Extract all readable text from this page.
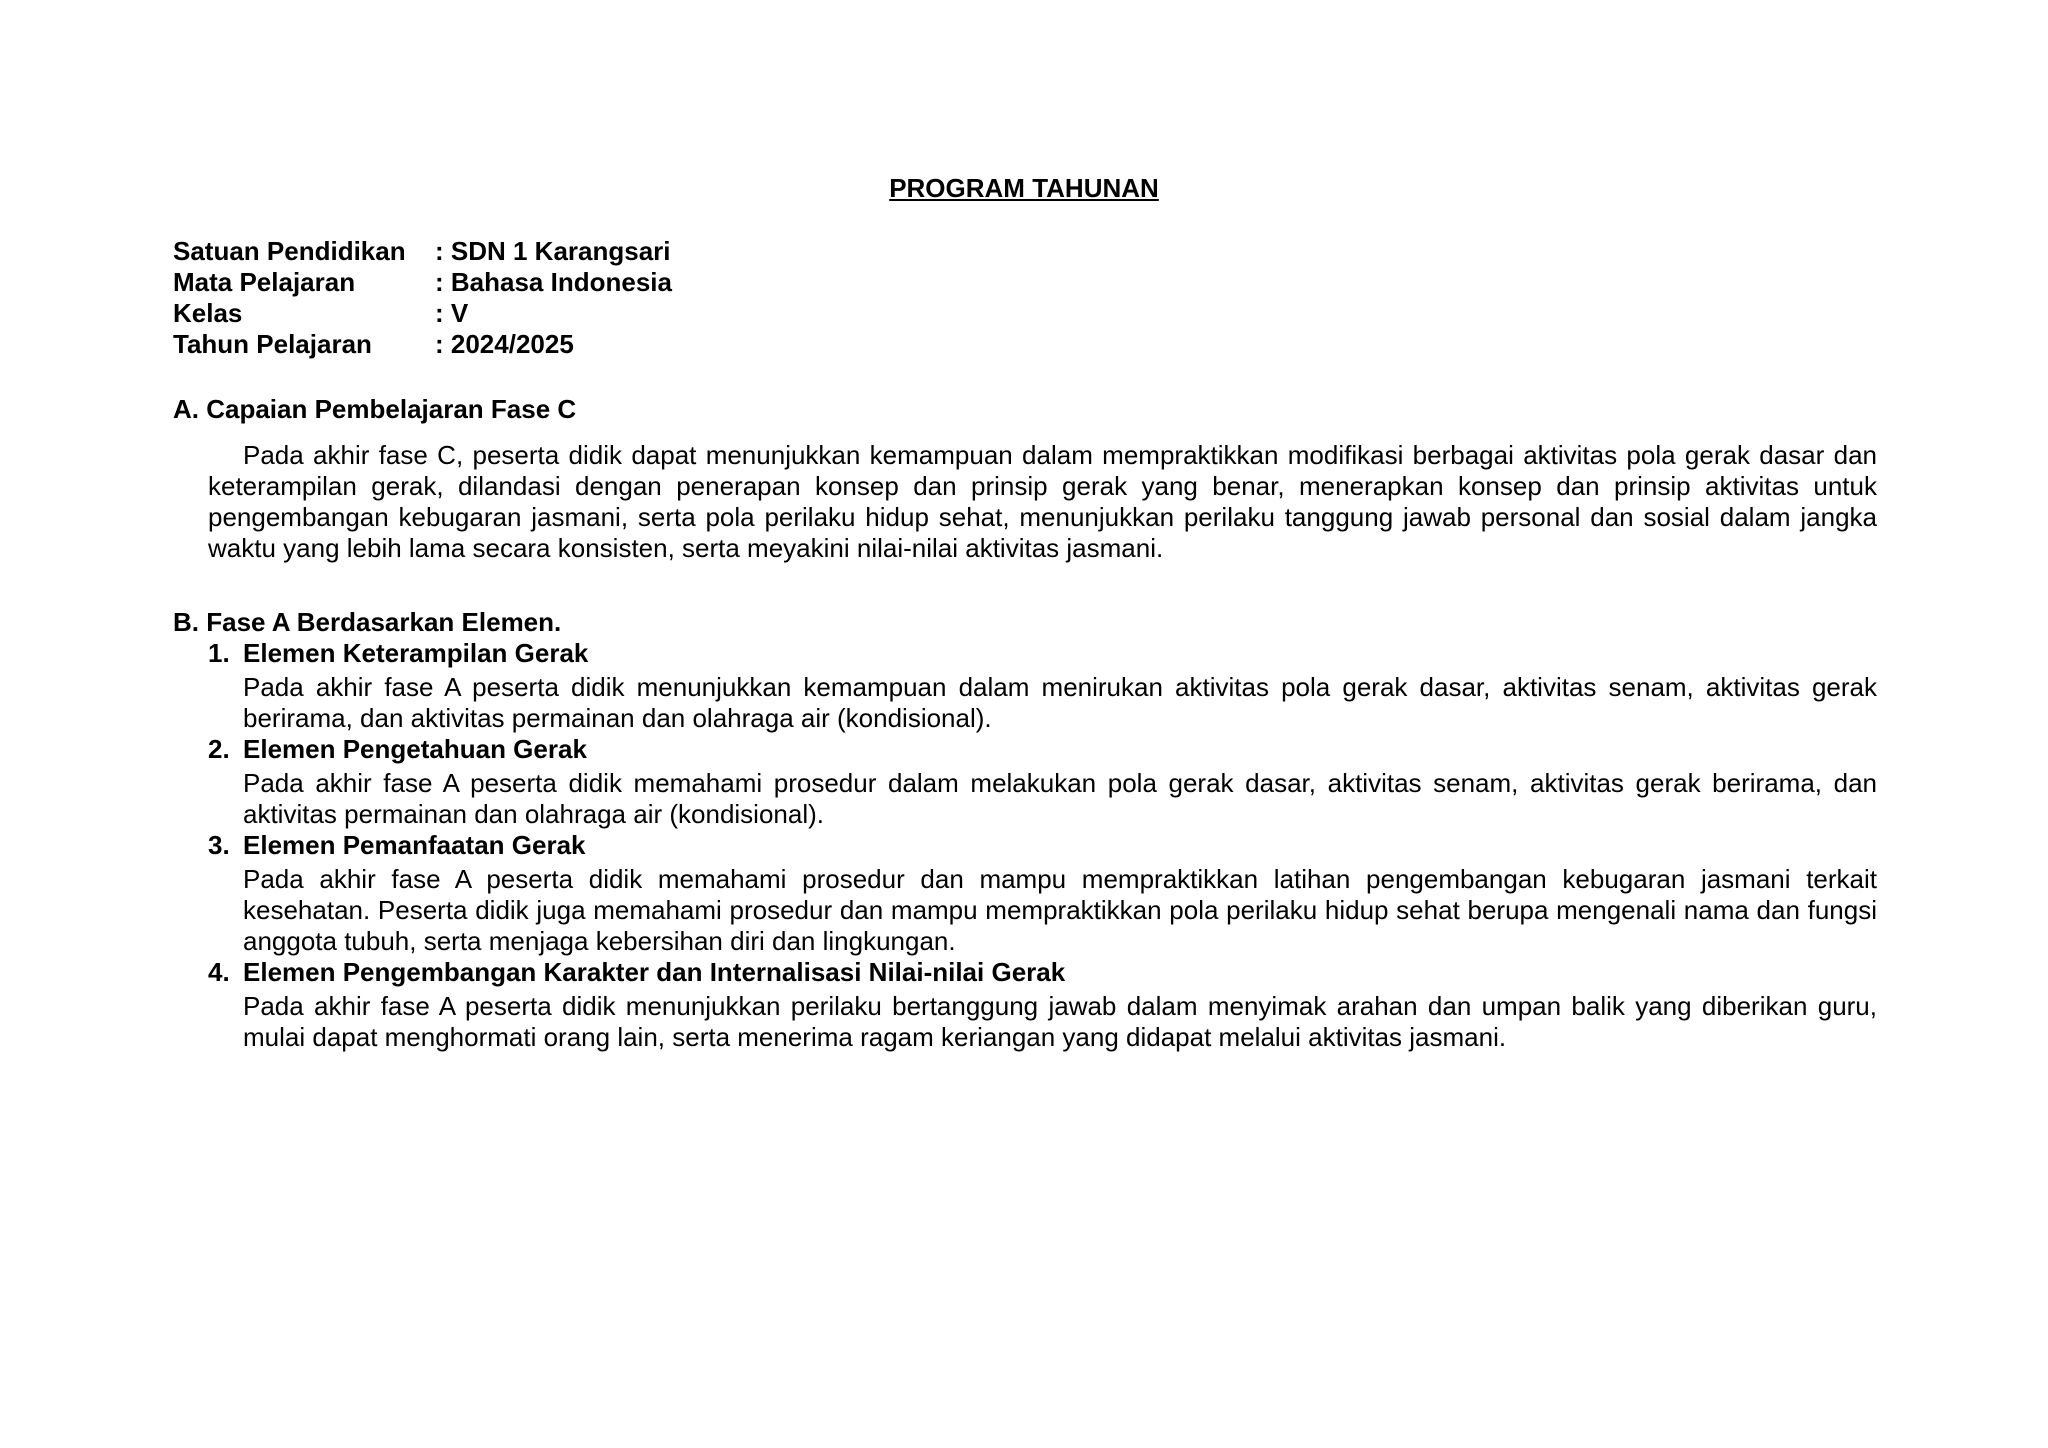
PROGRAM TAHUNAN
Satuan Pendidikan	: SDN 1 Karangsari
Mata Pelajaran	: Bahasa Indonesia
Kelas	: V
Tahun Pelajaran	: 2024/2025
A. Capaian Pembelajaran Fase C

Pada akhir fase C, peserta didik dapat menunjukkan kemampuan dalam mempraktikkan modifikasi berbagai aktivitas pola gerak dasar dan keterampilan gerak, dilandasi dengan penerapan konsep dan prinsip gerak yang benar, menerapkan konsep dan prinsip aktivitas untuk pengembangan kebugaran jasmani, serta pola perilaku hidup sehat, menunjukkan perilaku tanggung jawab personal dan sosial dalam jangka waktu yang lebih lama secara konsisten, serta meyakini nilai-nilai aktivitas jasmani.

B. Fase A Berdasarkan Elemen.
1. Elemen Keterampilan Gerak

Pada akhir fase A peserta didik menunjukkan kemampuan dalam menirukan aktivitas pola gerak dasar, aktivitas senam, aktivitas gerak berirama, dan aktivitas permainan dan olahraga air (kondisional).

2. Elemen Pengetahuan Gerak

Pada akhir fase A peserta didik memahami prosedur dalam melakukan pola gerak dasar, aktivitas senam, aktivitas gerak berirama, dan aktivitas permainan dan olahraga air (kondisional).

3. Elemen Pemanfaatan Gerak

Pada akhir fase A peserta didik memahami prosedur dan mampu mempraktikkan latihan pengembangan kebugaran jasmani terkait kesehatan. Peserta didik juga memahami prosedur dan mampu mempraktikkan pola perilaku hidup sehat berupa mengenali nama dan fungsi anggota tubuh, serta menjaga kebersihan diri dan lingkungan.

4. Elemen Pengembangan Karakter dan Internalisasi Nilai-nilai Gerak

Pada akhir fase A peserta didik menunjukkan perilaku bertanggung jawab dalam menyimak arahan dan umpan balik yang diberikan guru, mulai dapat menghormati orang lain, serta menerima ragam keriangan yang didapat melalui aktivitas jasmani.
